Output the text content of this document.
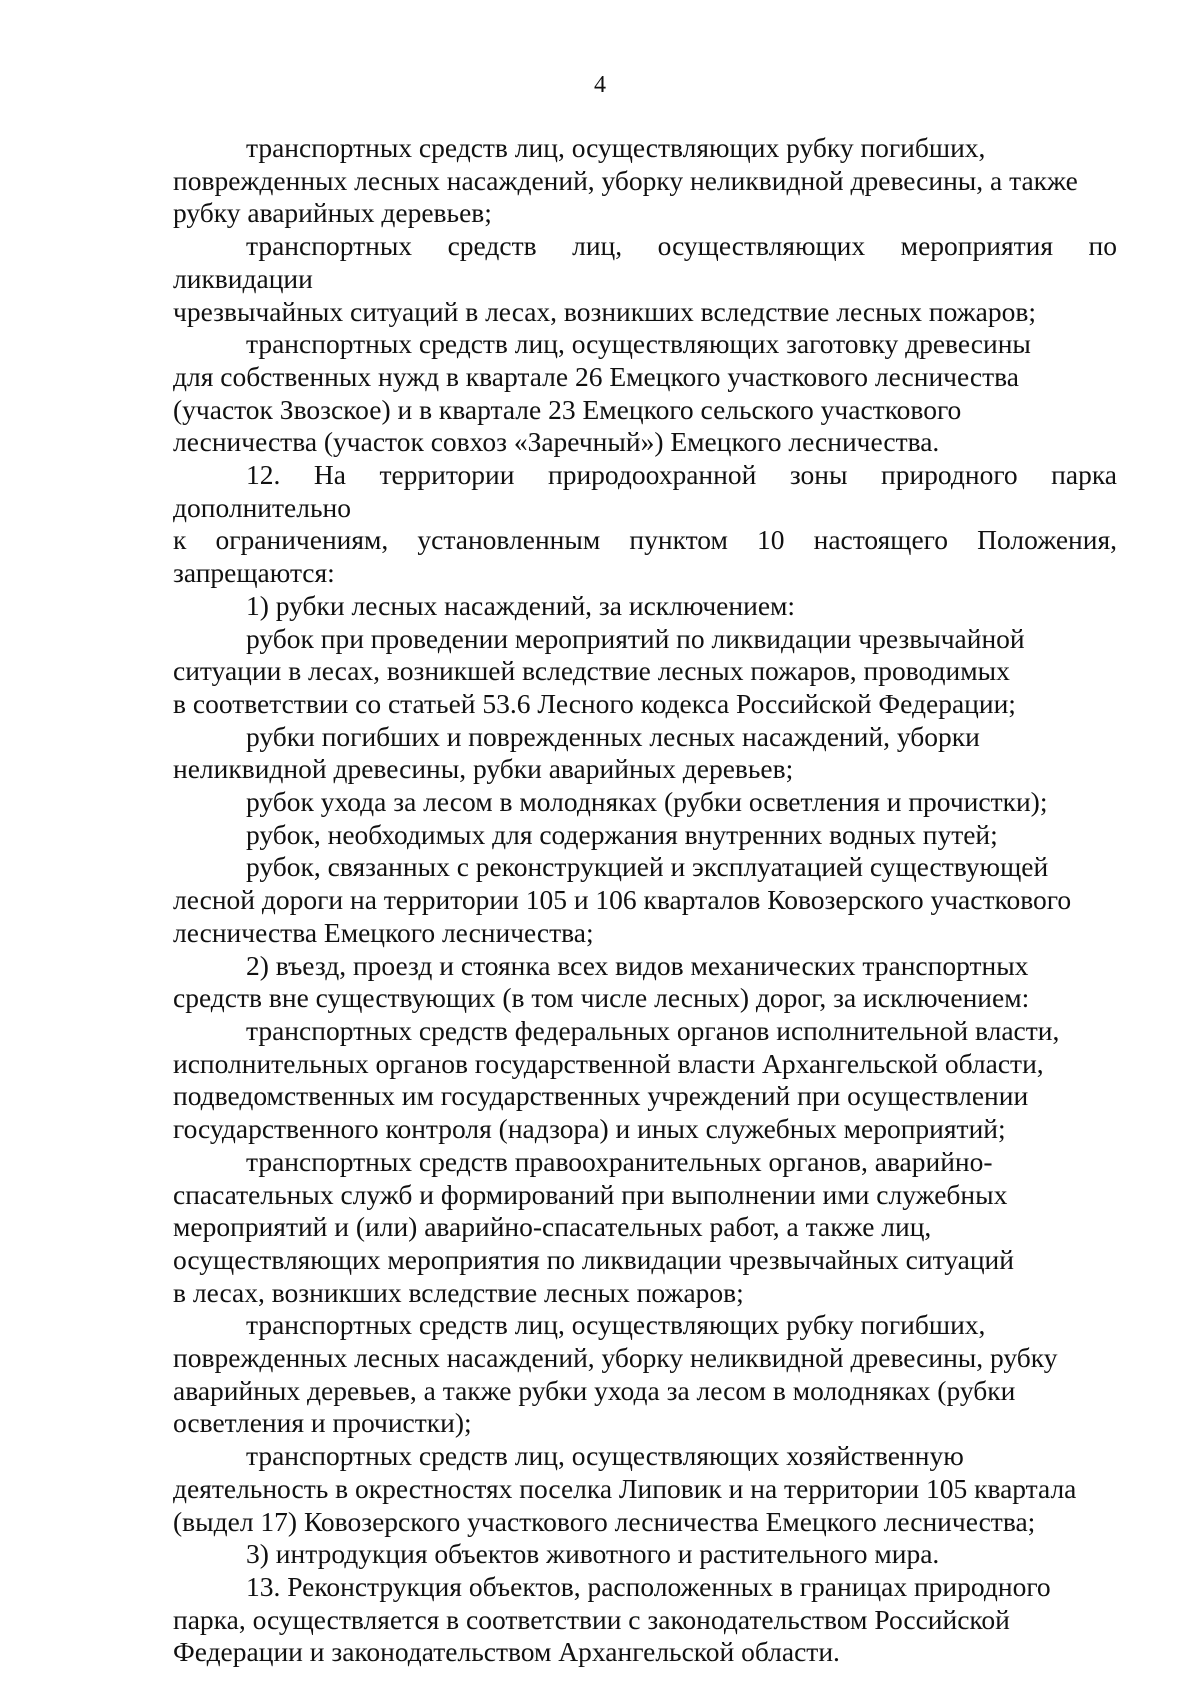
4

транспортных средств лиц, осуществляющих рубку погибших,
поврежденных лесных насаждений, уборку неликвидной древесины, а также
рубку аварийных деревьев;

транспортных средств лиц, осуществляющих мероприятия по ликвидации
чрезвычайных ситуаций в лесах, возникших вследствие лесных пожаров;

транспортных средств лиц, осуществляющих заготовку древесины
для собственных нужд в квартале 26 Емецкого участкового лесничества
(участок Звозское) и в квартале 23 Емецкого сельского участкового
лесничества (участок совхоз «Заречный») Емецкого лесничества.

12. На территории природоохранной зоны природного парка дополнительно
к ограничениям, установленным пунктом 10 настоящего Положения, запрещаются:

1) рубки лесных насаждений, за исключением:

рубок при проведении мероприятий по ликвидации чрезвычайной
ситуации в лесах, возникшей вследствие лесных пожаров, проводимых
в соответствии со статьей 53.6 Лесного кодекса Российской Федерации;

рубки погибших и поврежденных лесных насаждений, уборки
неликвидной древесины, рубки аварийных деревьев;

рубок ухода за лесом в молодняках (рубки осветления и прочистки);

рубок, необходимых для содержания внутренних водных путей;

рубок, связанных с реконструкцией и эксплуатацией существующей
лесной дороги на территории 105 и 106 кварталов Ковозерского участкового
лесничества Емецкого лесничества;

2) въезд, проезд и стоянка всех видов механических транспортных
средств вне существующих (в том числе лесных) дорог, за исключением:

транспортных средств федеральных органов исполнительной власти,
исполнительных органов государственной власти Архангельской области,
подведомственных им государственных учреждений при осуществлении
государственного контроля (надзора) и иных служебных мероприятий;

транспортных средств правоохранительных органов, аварийно-
спасательных служб и формирований при выполнении ими служебных
мероприятий и (или) аварийно-спасательных работ, а также лиц,
осуществляющих мероприятия по ликвидации чрезвычайных ситуаций
в лесах, возникших вследствие лесных пожаров;

транспортных средств лиц, осуществляющих рубку погибших,
поврежденных лесных насаждений, уборку неликвидной древесины, рубку
аварийных деревьев, а также рубки ухода за лесом в молодняках (рубки
осветления и прочистки);

транспортных средств лиц, осуществляющих хозяйственную
деятельность в окрестностях поселка Липовик и на территории 105 квартала
(выдел 17) Ковозерского участкового лесничества Емецкого лесничества;

3) интродукция объектов животного и растительного мира.

13. Реконструкция объектов, расположенных в границах природного
парка, осуществляется в соответствии с законодательством Российской
Федерации и законодательством Архангельской области.
